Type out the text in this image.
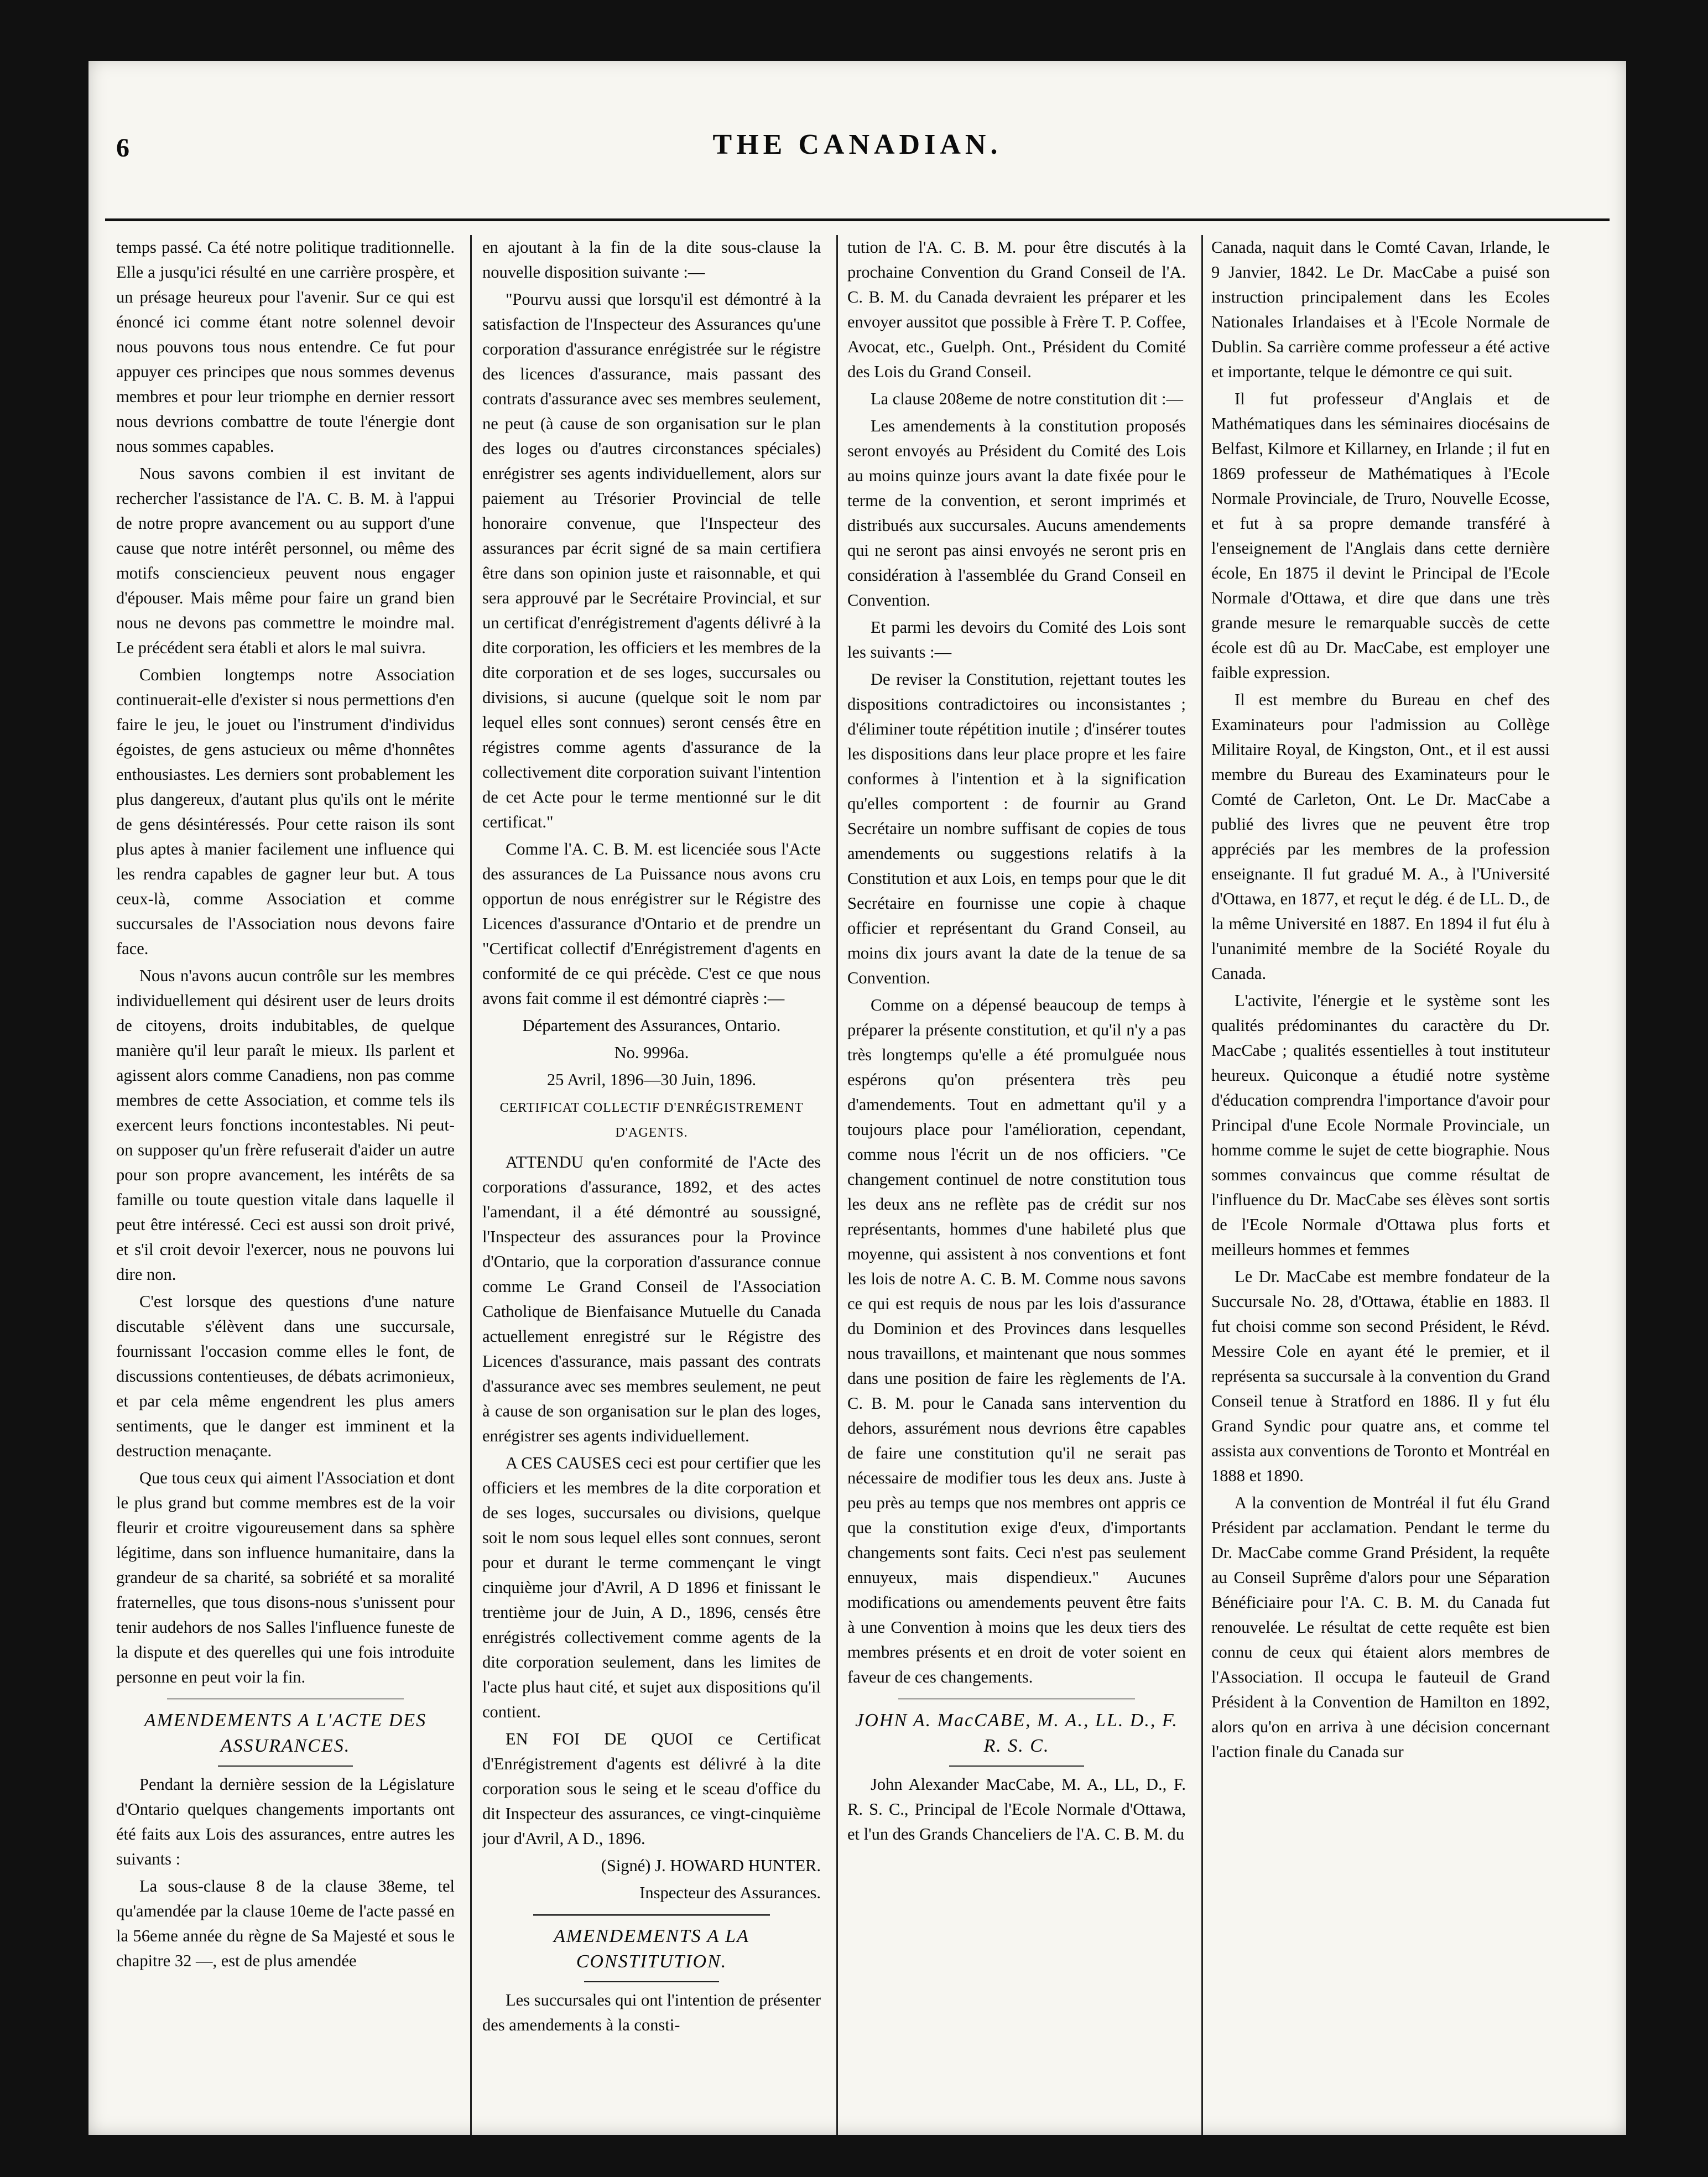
6	THE CANADIAN.

temps passé. Ca été notre politique traditionnelle. Elle a jusqu'ici résulté en une carrière prospère, et un présage heureux pour l'avenir. Sur ce qui est énoncé ici comme étant notre solennel devoir nous pouvons tous nous entendre. Ce fut pour appuyer ces principes que nous sommes devenus membres et pour leur triomphe en dernier ressort nous devrions combattre de toute l'énergie dont nous sommes capables.

Nous savons combien il est invitant de rechercher l'assistance de l'A. C. B. M. à l'appui de notre propre avancement ou au support d'une cause que notre intérêt personnel, ou même des motifs consciencieux peuvent nous engager d'épouser. Mais même pour faire un grand bien nous ne devons pas commettre le moindre mal. Le précédent sera établi et alors le mal suivra.

Combien longtemps notre Association continuerait-elle d'exister si nous permettions d'en faire le jeu, le jouet ou l'instrument d'individus égoistes, de gens astucieux ou même d'honnêtes enthousiastes. Les derniers sont probablement les plus dangereux, d'autant plus qu'ils ont le mérite de gens désintéressés. Pour cette raison ils sont plus aptes à manier facilement une influence qui les rendra capables de gagner leur but. A tous ceux-là, comme Association et comme succursales de l'Association nous devons faire face.

Nous n'avons aucun contrôle sur les membres individuellement qui désirent user de leurs droits de citoyens, droits indubitables, de quelque manière qu'il leur paraît le mieux. Ils parlent et agissent alors comme Canadiens, non pas comme membres de cette Association, et comme tels ils exercent leurs fonctions incontestables. Ni peut-on supposer qu'un frère refuserait d'aider un autre pour son propre avancement, les intérêts de sa famille ou toute question vitale dans laquelle il peut être intéressé. Ceci est aussi son droit privé, et s'il croit devoir l'exercer, nous ne pouvons lui dire non.

C'est lorsque des questions d'une nature discutable s'élèvent dans une succursale, fournissant l'occasion comme elles le font, de discussions contentieuses, de débats acrimonieux, et par cela même engendrent les plus amers sentiments, que le danger est imminent et la destruction menaçante.

Que tous ceux qui aiment l'Association et dont le plus grand but comme membres est de la voir fleurir et croitre vigoureusement dans sa sphère légitime, dans son influence humanitaire, dans la grandeur de sa charité, sa sobriété et sa moralité fraternelles, que tous disons-nous s'unissent pour tenir audehors de nos Salles l'influence funeste de la dispute et des querelles qui une fois introduite personne en peut voir la fin.

AMENDEMENTS A L'ACTE DES ASSURANCES.

Pendant la dernière session de la Législature d'Ontario quelques changements importants ont été faits aux Lois des assurances, entre autres les suivants :

La sous-clause 8 de la clause 38eme, tel qu'amendée par la clause 10eme de l'acte passé en la 56eme année du règne de Sa Majesté et sous le chapitre 32 —, est de plus amendée

en ajoutant à la fin de la dite sous-clause la nouvelle disposition suivante :—

"Pourvu aussi que lorsqu'il est démontré à la satisfaction de l'Inspecteur des Assurances qu'une corporation d'assurance enrégistrée sur le régistre des licences d'assurance, mais passant des contrats d'assurance avec ses membres seulement, ne peut (à cause de son organisation sur le plan des loges ou d'autres circonstances spéciales) enrégistrer ses agents individuellement, alors sur paiement au Trésorier Provincial de telle honoraire convenue, que l'Inspecteur des assurances par écrit signé de sa main certifiera être dans son opinion juste et raisonnable, et qui sera approuvé par le Secrétaire Provincial, et sur un certificat d'enrégistrement d'agents délivré à la dite corporation, les officiers et les membres de la dite corporation et de ses loges, succursales ou divisions, si aucune (quelque soit le nom par lequel elles sont connues) seront censés être en régistres comme agents d'assurance de la collectivement dite corporation suivant l'intention de cet Acte pour le terme mentionné sur le dit certificat."

Comme l'A. C. B. M. est licenciée sous l'Acte des assurances de La Puissance nous avons cru opportun de nous enrégistrer sur le Régistre des Licences d'assurance d'Ontario et de prendre un "Certificat collectif d'Enrégistrement d'agents en conformité de ce qui précède. C'est ce que nous avons fait comme il est démontré ciaprès :—

Département des Assurances, Ontario.

No. 9996a.

25 Avril, 1896—30 Juin, 1896.

CERTIFICAT COLLECTIF D'ENRÉGISTREMENT D'AGENTS.

ATTENDU qu'en conformité de l'Acte des corporations d'assurance, 1892, et des actes l'amendant, il a été démontré au soussigné, l'Inspecteur des assurances pour la Province d'Ontario, que la corporation d'assurance connue comme Le Grand Conseil de l'Association Catholique de Bienfaisance Mutuelle du Canada actuellement enregistré sur le Régistre des Licences d'assurance, mais passant des contrats d'assurance avec ses membres seulement, ne peut à cause de son organisation sur le plan des loges, enrégistrer ses agents individuellement.

A CES CAUSES ceci est pour certifier que les officiers et les membres de la dite corporation et de ses loges, succursales ou divisions, quelque soit le nom sous lequel elles sont connues, seront pour et durant le terme commençant le vingt cinquième jour d'Avril, A D 1896 et finissant le trentième jour de Juin, A D., 1896, censés être enrégistrés collectivement comme agents de la dite corporation seulement, dans les limites de l'acte plus haut cité, et sujet aux dispositions qu'il contient.

EN FOI DE QUOI ce Certificat d'Enrégistrement d'agents est délivré à la dite corporation sous le seing et le sceau d'office du dit Inspecteur des assurances, ce vingt-cinquième jour d'Avril, A D., 1896.

(Signé) J. HOWARD HUNTER.

Inspecteur des Assurances.

AMENDEMENTS A LA CONSTITUTION.

Les succursales qui ont l'intention de présenter des amendements à la consti-

tution de l'A. C. B. M. pour être discutés à la prochaine Convention du Grand Conseil de l'A. C. B. M. du Canada devraient les préparer et les envoyer aussitot que possible à Frère T. P. Coffee, Avocat, etc., Guelph. Ont., Président du Comité des Lois du Grand Conseil.

La clause 208eme de notre constitution dit :—

Les amendements à la constitution proposés seront envoyés au Président du Comité des Lois au moins quinze jours avant la date fixée pour le terme de la convention, et seront imprimés et distribués aux succursales. Aucuns amendements qui ne seront pas ainsi envoyés ne seront pris en considération à l'assemblée du Grand Conseil en Convention.

Et parmi les devoirs du Comité des Lois sont les suivants :—

De reviser la Constitution, rejettant toutes les dispositions contradictoires ou inconsistantes ; d'éliminer toute répétition inutile ; d'insérer toutes les dispositions dans leur place propre et les faire conformes à l'intention et à la signification qu'elles comportent : de fournir au Grand Secrétaire un nombre suffisant de copies de tous amendements ou suggestions relatifs à la Constitution et aux Lois, en temps pour que le dit Secrétaire en fournisse une copie à chaque officier et représentant du Grand Conseil, au moins dix jours avant la date de la tenue de sa Convention.

Comme on a dépensé beaucoup de temps à préparer la présente constitution, et qu'il n'y a pas très longtemps qu'elle a été promulguée nous espérons qu'on présentera très peu d'amendements. Tout en admettant qu'il y a toujours place pour l'amélioration, cependant, comme nous l'écrit un de nos officiers. "Ce changement continuel de notre constitution tous les deux ans ne reflète pas de crédit sur nos représentants, hommes d'une habileté plus que moyenne, qui assistent à nos conventions et font les lois de notre A. C. B. M. Comme nous savons ce qui est requis de nous par les lois d'assurance du Dominion et des Provinces dans lesquelles nous travaillons, et maintenant que nous sommes dans une position de faire les règlements de l'A. C. B. M. pour le Canada sans intervention du dehors, assurément nous devrions être capables de faire une constitution qu'il ne serait pas nécessaire de modifier tous les deux ans. Juste à peu près au temps que nos membres ont appris ce que la constitution exige d'eux, d'importants changements sont faits. Ceci n'est pas seulement ennuyeux, mais dispendieux." Aucunes modifications ou amendements peuvent être faits à une Convention à moins que les deux tiers des membres présents et en droit de voter soient en faveur de ces changements.

JOHN A. MacCABE, M. A., LL. D., F. R. S. C.

John Alexander MacCabe, M. A., LL, D., F. R. S. C., Principal de l'Ecole Normale d'Ottawa, et l'un des Grands Chanceliers de l'A. C. B. M. du

Canada, naquit dans le Comté Cavan, Irlande, le 9 Janvier, 1842. Le Dr. MacCabe a puisé son instruction principalement dans les Ecoles Nationales Irlandaises et à l'Ecole Normale de Dublin. Sa carrière comme professeur a été active et importante, telque le démontre ce qui suit.

Il fut professeur d'Anglais et de Mathématiques dans les séminaires diocésains de Belfast, Kilmore et Killarney, en Irlande ; il fut en 1869 professeur de Mathématiques à l'Ecole Normale Provinciale, de Truro, Nouvelle Ecosse, et fut à sa propre demande transféré à l'enseignement de l'Anglais dans cette dernière école, En 1875 il devint le Principal de l'Ecole Normale d'Ottawa, et dire que dans une très grande mesure le remarquable succès de cette école est dû au Dr. MacCabe, est employer une faible expression.

Il est membre du Bureau en chef des Examinateurs pour l'admission au Collège Militaire Royal, de Kingston, Ont., et il est aussi membre du Bureau des Examinateurs pour le Comté de Carleton, Ont. Le Dr. MacCabe a publié des livres que ne peuvent être trop appréciés par les membres de la profession enseignante. Il fut gradué M. A., à l'Université d'Ottawa, en 1877, et reçut le dég. é de LL. D., de la même Université en 1887. En 1894 il fut élu à l'unanimité membre de la Société Royale du Canada.

L'activite, l'énergie et le système sont les qualités prédominantes du caractère du Dr. MacCabe ; qualités essentielles à tout instituteur heureux. Quiconque a étudié notre système d'éducation comprendra l'importance d'avoir pour Principal d'une Ecole Normale Provinciale, un homme comme le sujet de cette biographie. Nous sommes convaincus que comme résultat de l'influence du Dr. MacCabe ses élèves sont sortis de l'Ecole Normale d'Ottawa plus forts et meilleurs hommes et femmes

Le Dr. MacCabe est membre fondateur de la Succursale No. 28, d'Ottawa, établie en 1883. Il fut choisi comme son second Président, le Révd. Messire Cole en ayant été le premier, et il représenta sa succursale à la convention du Grand Conseil tenue à Stratford en 1886. Il y fut élu Grand Syndic pour quatre ans, et comme tel assista aux conventions de Toronto et Montréal en 1888 et 1890.

A la convention de Montréal il fut élu Grand Président par acclamation. Pendant le terme du Dr. MacCabe comme Grand Président, la requête au Conseil Suprême d'alors pour une Séparation Bénéficiaire pour l'A. C. B. M. du Canada fut renouvelée. Le résultat de cette requête est bien connu de ceux qui étaient alors membres de l'Association. Il occupa le fauteuil de Grand Président à la Convention de Hamilton en 1892, alors qu'on en arriva à une décision concernant l'action finale du Canada sur
